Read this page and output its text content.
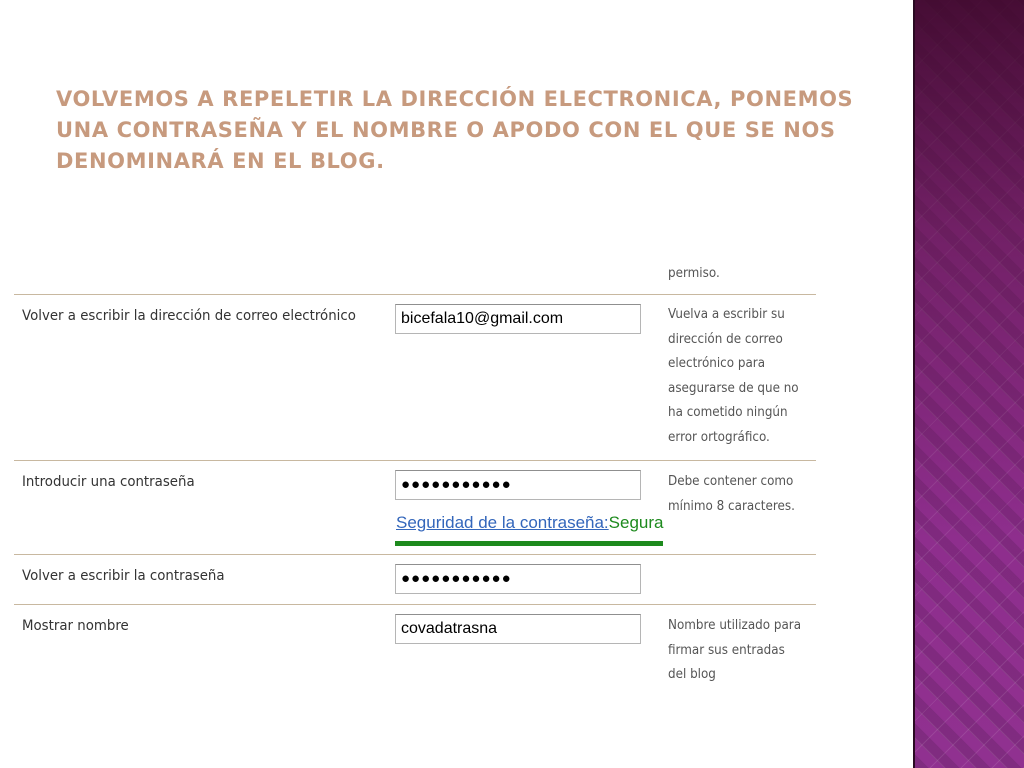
VOLVEMOS A REPELETIR LA DIRECCIÓN ELECTRONICA, PONEMOS UNA CONTRASEÑA Y EL NOMBRE O APODO CON EL QUE SE NOS DENOMINARÁ EN EL BLOG.
permiso.
Volver a escribir la dirección de correo electrónico	bicefala10@gmail.com	Vuelva a escribir su dirección de correo electrónico para asegurarse de que no ha cometido ningún error ortográfico.
Introducir una contraseña	●●●●●●●●●●●	Debe contener como mínimo 8 caracteres.
Seguridad de la contraseña:Segura
Volver a escribir la contraseña	●●●●●●●●●●●
Mostrar nombre	covadatrasna	Nombre utilizado para firmar sus entradas del blog
